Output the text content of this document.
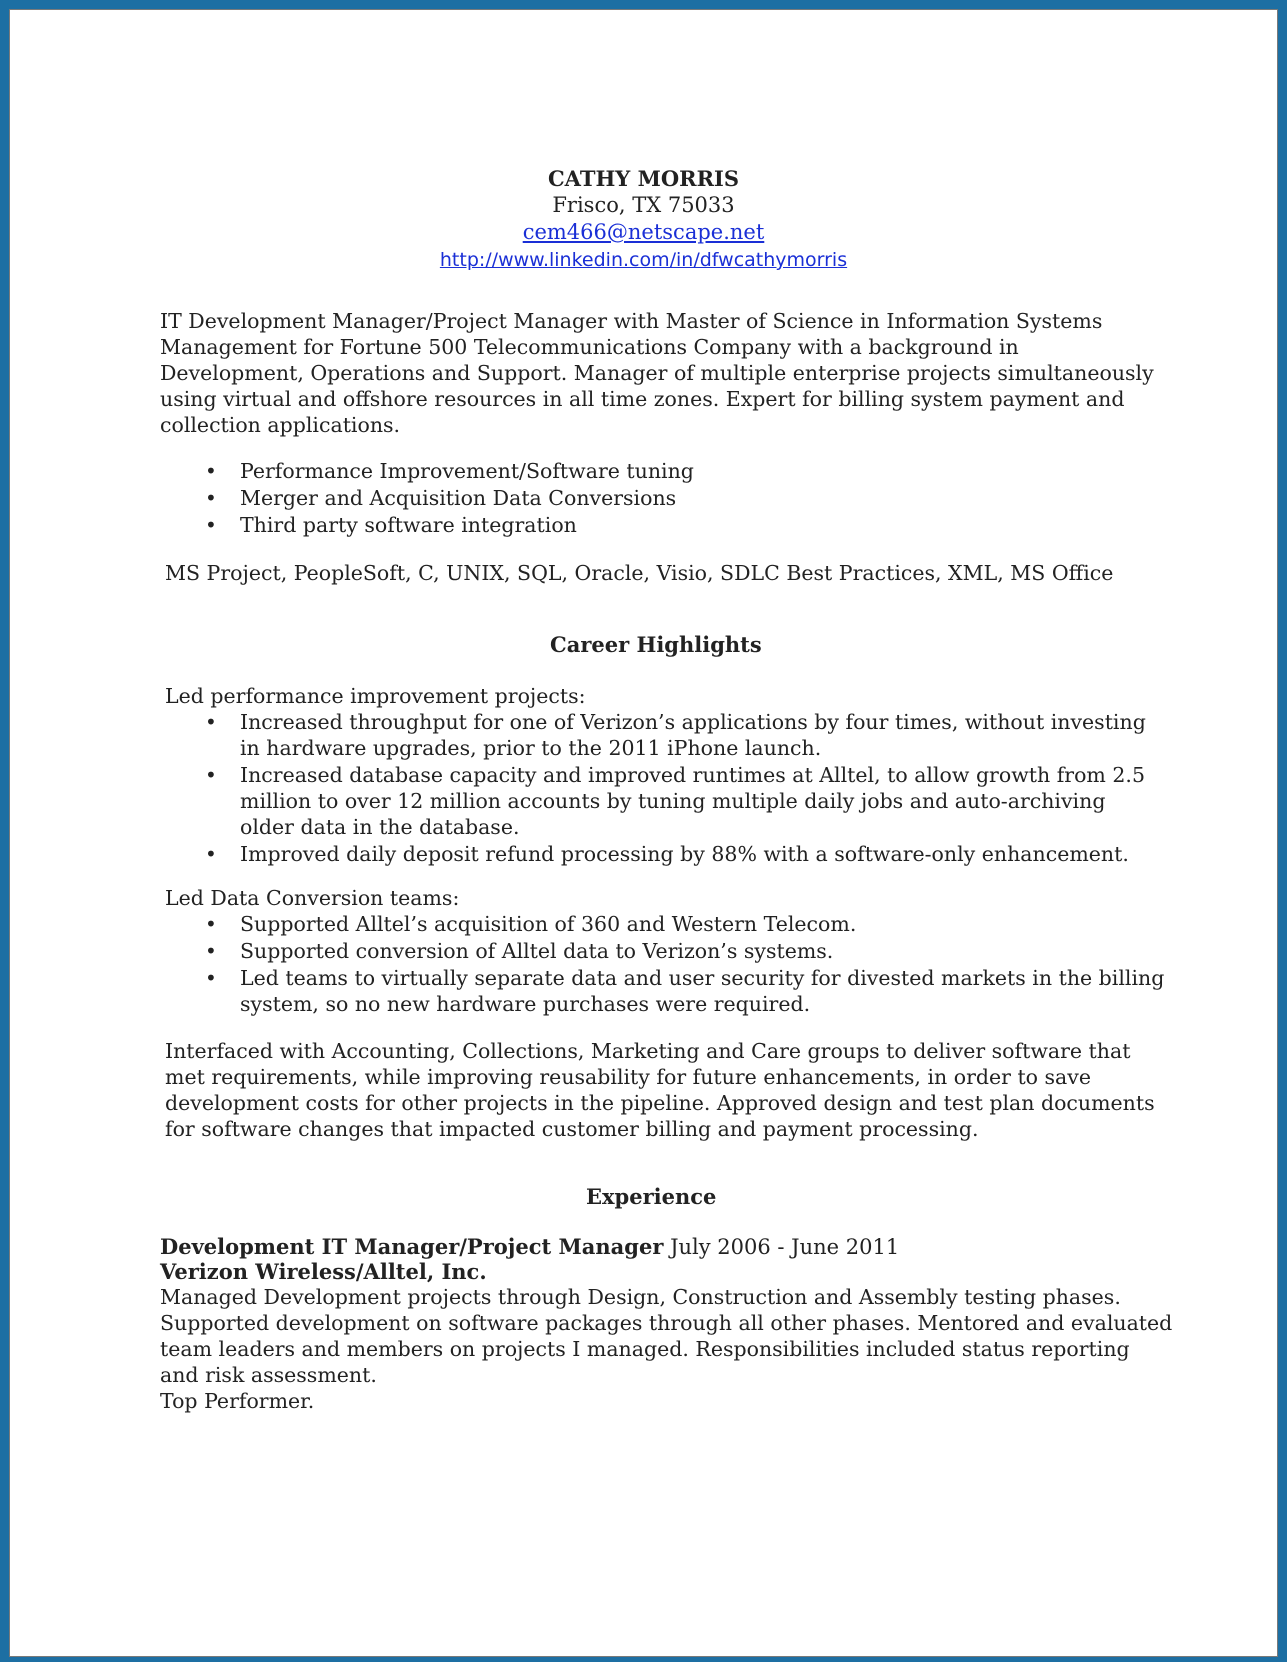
CATHY MORRIS
Frisco, TX 75033
cem466@netscape.net
http://www.linkedin.com/in/dfwcathymorris
IT Development Manager/Project Manager with Master of Science in Information Systems
Management for Fortune 500 Telecommunications Company with a background in
Development, Operations and Support. Manager of multiple enterprise projects simultaneously
using virtual and offshore resources in all time zones. Expert for billing system payment and
collection applications.
• Performance Improvement/Software tuning
• Merger and Acquisition Data Conversions
• Third party software integration
MS Project, PeopleSoft, C, UNIX, SQL, Oracle, Visio, SDLC Best Practices, XML, MS Office
Career Highlights
Led performance improvement projects:
• Increased throughput for one of Verizon’s applications by four times, without investing
in hardware upgrades, prior to the 2011 iPhone launch.
• Increased database capacity and improved runtimes at Alltel, to allow growth from 2.5
million to over 12 million accounts by tuning multiple daily jobs and auto-archiving
older data in the database.
• Improved daily deposit refund processing by 88% with a software-only enhancement.
Led Data Conversion teams:
• Supported Alltel’s acquisition of 360 and Western Telecom.
• Supported conversion of Alltel data to Verizon’s systems.
• Led teams to virtually separate data and user security for divested markets in the billing
system, so no new hardware purchases were required.
Interfaced with Accounting, Collections, Marketing and Care groups to deliver software that
met requirements, while improving reusability for future enhancements, in order to save
development costs for other projects in the pipeline. Approved design and test plan documents
for software changes that impacted customer billing and payment processing.
Experience
Development IT Manager/Project Manager July 2006 - June 2011
Verizon Wireless/Alltel, Inc.
Managed Development projects through Design, Construction and Assembly testing phases.
Supported development on software packages through all other phases. Mentored and evaluated
team leaders and members on projects I managed. Responsibilities included status reporting
and risk assessment.
Top Performer.
